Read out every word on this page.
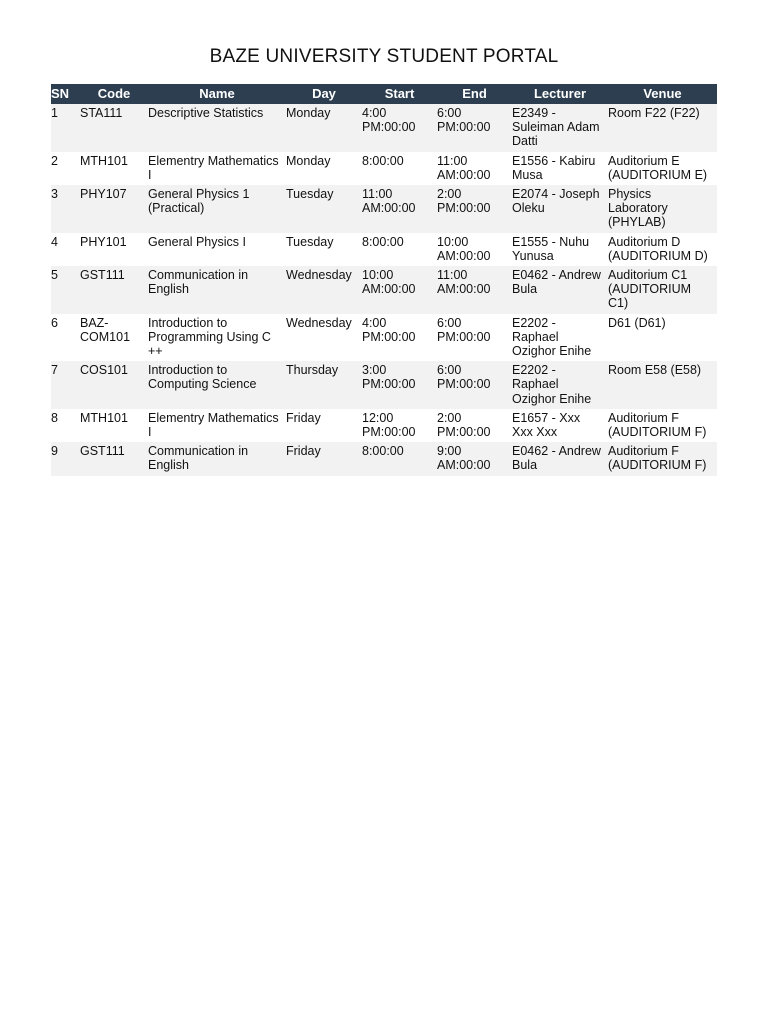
BAZE UNIVERSITY STUDENT PORTAL
SN	Code	Name	Day	Start	End	Lecturer	Venue
1	STA111	Descriptive Statistics	Monday	4:00 PM:00:00	6:00 PM:00:00	E2349 - Suleiman Adam Datti	Room F22 (F22)
2	MTH101	Elementry Mathematics I	Monday	8:00:00	11:00 AM:00:00	E1556 - Kabiru Musa	Auditorium E (AUDITORIUM E)
3	PHY107	General Physics 1 (Practical)	Tuesday	11:00 AM:00:00	2:00 PM:00:00	E2074 - Joseph Oleku	Physics Laboratory (PHYLAB)
4	PHY101	General Physics I	Tuesday	8:00:00	10:00 AM:00:00	E1555 - Nuhu Yunusa	Auditorium D (AUDITORIUM D)
5	GST111	Communication in English	Wednesday	10:00 AM:00:00	11:00 AM:00:00	E0462 - Andrew Bula	Auditorium C1 (AUDITORIUM C1)
6	BAZ-COM101	Introduction to Programming Using C ++	Wednesday	4:00 PM:00:00	6:00 PM:00:00	E2202 - Raphael Ozighor Enihe	D61 (D61)
7	COS101	Introduction to Computing Science	Thursday	3:00 PM:00:00	6:00 PM:00:00	E2202 - Raphael Ozighor Enihe	Room E58 (E58)
8	MTH101	Elementry Mathematics I	Friday	12:00 PM:00:00	2:00 PM:00:00	E1657 - Xxx Xxx Xxx	Auditorium F (AUDITORIUM F)
9	GST111	Communication in English	Friday	8:00:00	9:00 AM:00:00	E0462 - Andrew Bula	Auditorium F (AUDITORIUM F)
